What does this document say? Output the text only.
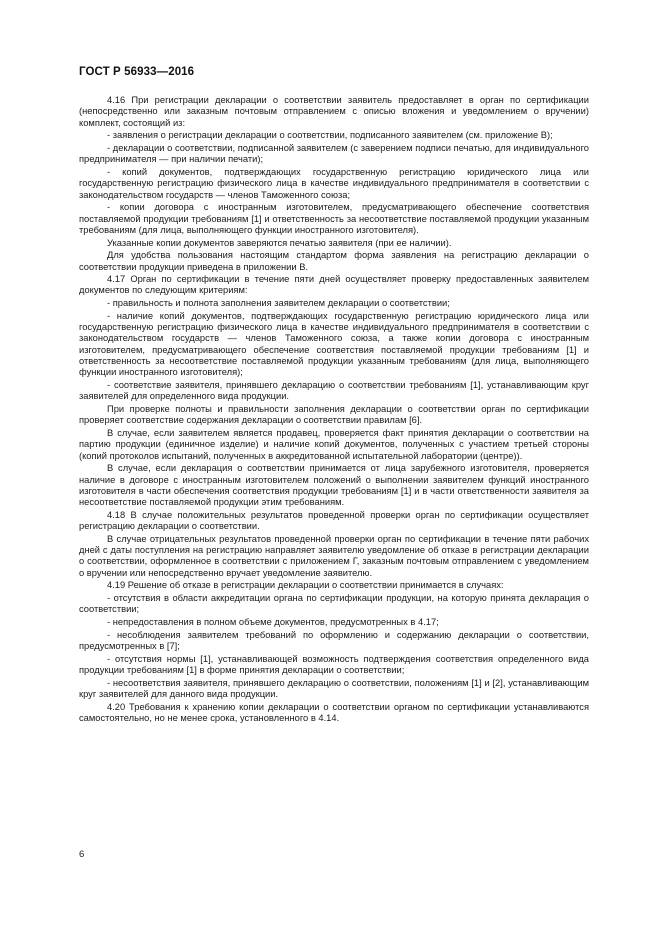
ГОСТ Р 56933—2016

4.16 При регистрации декларации о соответствии заявитель предоставляет в орган по сертификации (непосредственно или заказным почтовым отправлением с описью вложения и уведомлением о вручении) комплект, состоящий из:

- заявления о регистрации декларации о соответствии, подписанного заявителем (см. приложение В);

- декларации о соответствии, подписанной заявителем (с заверением подписи печатью, для индивидуального предпринимателя — при наличии печати);

- копий документов, подтверждающих государственную регистрацию юридического лица или государственную регистрацию физического лица в качестве индивидуального предпринимателя в соответствии с законодательством государств — членов Таможенного союза;

- копии договора с иностранным изготовителем, предусматривающего обеспечение соответствия поставляемой продукции требованиям [1] и ответственность за несоответствие поставляемой продукции указанным требованиям (для лица, выполняющего функции иностранного изготовителя).

Указанные копии документов заверяются печатью заявителя (при ее наличии).

Для удобства пользования настоящим стандартом форма заявления на регистрацию декларации о соответствии продукции приведена в приложении В.

4.17 Орган по сертификации в течение пяти дней осуществляет проверку предоставленных заявителем документов по следующим критериям:

- правильность и полнота заполнения заявителем декларации о соответствии;

- наличие копий документов, подтверждающих государственную регистрацию юридического лица или государственную регистрацию физического лица в качестве индивидуального предпринимателя в соответствии с законодательством государств — членов Таможенного союза, а также копии договора с иностранным изготовителем, предусматривающего обеспечение соответствия поставляемой продукции требованиям [1] и ответственность за несоответствие поставляемой продукции указанным требованиям (для лица, выполняющего функции иностранного изготовителя);

- соответствие заявителя, принявшего декларацию о соответствии требованиям [1], устанавливающим круг заявителей для определенного вида продукции.

При проверке полноты и правильности заполнения декларации о соответствии орган по сертификации проверяет соответствие содержания декларации о соответствии правилам [6].

В случае, если заявителем является продавец, проверяется факт принятия декларации о соответствии на партию продукции (единичное изделие) и наличие копий документов, полученных с участием третьей стороны (копий протоколов испытаний, полученных в аккредитованной испытательной лаборатории (центре)).

В случае, если декларация о соответствии принимается от лица зарубежного изготовителя, проверяется наличие в договоре с иностранным изготовителем положений о выполнении заявителем функций иностранного изготовителя в части обеспечения соответствия продукции требованиям [1] и в части ответственности заявителя за несоответствие поставляемой продукции этим требованиям.

4.18 В случае положительных результатов проведенной проверки орган по сертификации осуществляет регистрацию декларации о соответствии.

В случае отрицательных результатов проведенной проверки орган по сертификации в течение пяти рабочих дней с даты поступления на регистрацию направляет заявителю уведомление об отказе в регистрации декларации о соответствии, оформленное в соответствии с приложением Г, заказным почтовым отправлением с уведомлением о вручении или непосредственно вручает уведомление заявителю.

4.19 Решение об отказе в регистрации декларации о соответствии принимается в случаях:

- отсутствия в области аккредитации органа по сертификации продукции, на которую принята декларация о соответствии;

- непредоставления в полном объеме документов, предусмотренных в 4.17;

- несоблюдения заявителем требований по оформлению и содержанию декларации о соответствии, предусмотренных в [7];

- отсутствия нормы [1], устанавливающей возможность подтверждения соответствия определенного вида продукции требованиям [1] в форме принятия декларации о соответствии;

- несоответствия заявителя, принявшего декларацию о соответствии, положениям [1] и [2], устанавливающим круг заявителей для данного вида продукции.

4.20 Требования к хранению копии декларации о соответствии органом по сертификации устанавливаются самостоятельно, но не менее срока, установленного в 4.14.

6
